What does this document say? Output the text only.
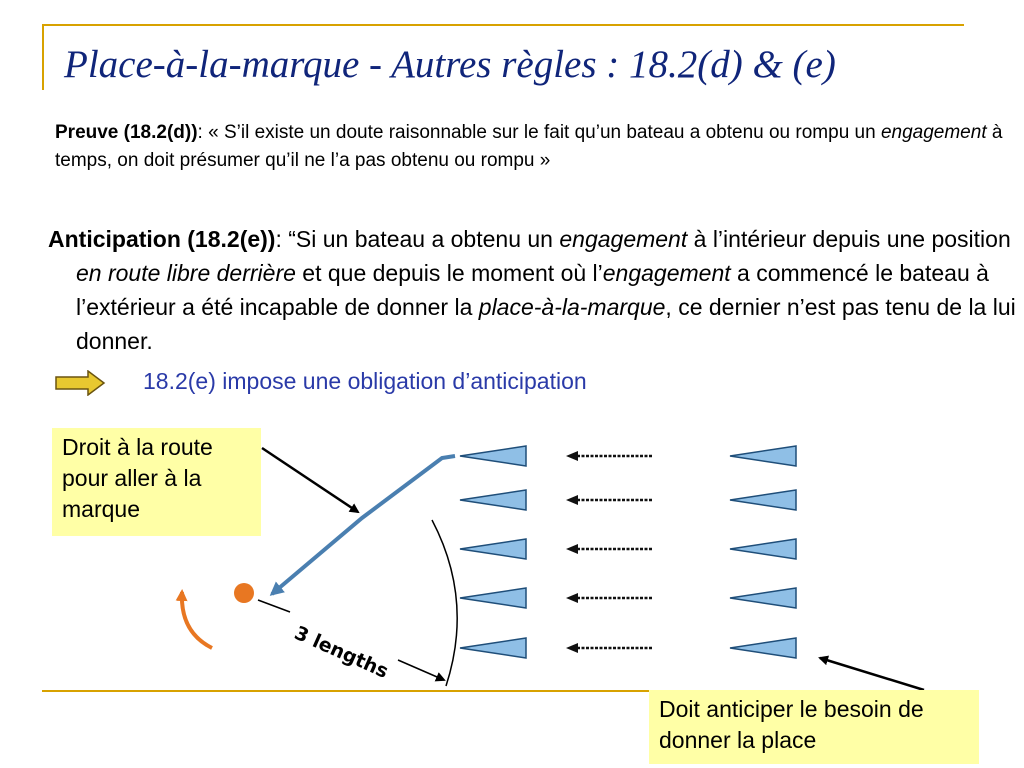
Place-à-la-marque - Autres règles : 18.2(d) & (e)

Preuve (18.2(d)): « S’il existe un doute raisonnable sur le fait qu’un bateau a obtenu ou rompu un engagement à temps, on doit présumer qu’il ne l’a pas obtenu ou rompu »

Anticipation (18.2(e)): “Si un bateau a obtenu un engagement à l’intérieur depuis une position en route libre derrière et que depuis le moment où l’engagement a commencé le bateau à l’extérieur a été incapable de donner la place-à-la-marque, ce dernier n’est pas tenu de la lui donner.

18.2(e) impose une obligation d’anticipation
3 lengths
Droit à la route pour aller à la marque
Doit anticiper le besoin de donner la place
